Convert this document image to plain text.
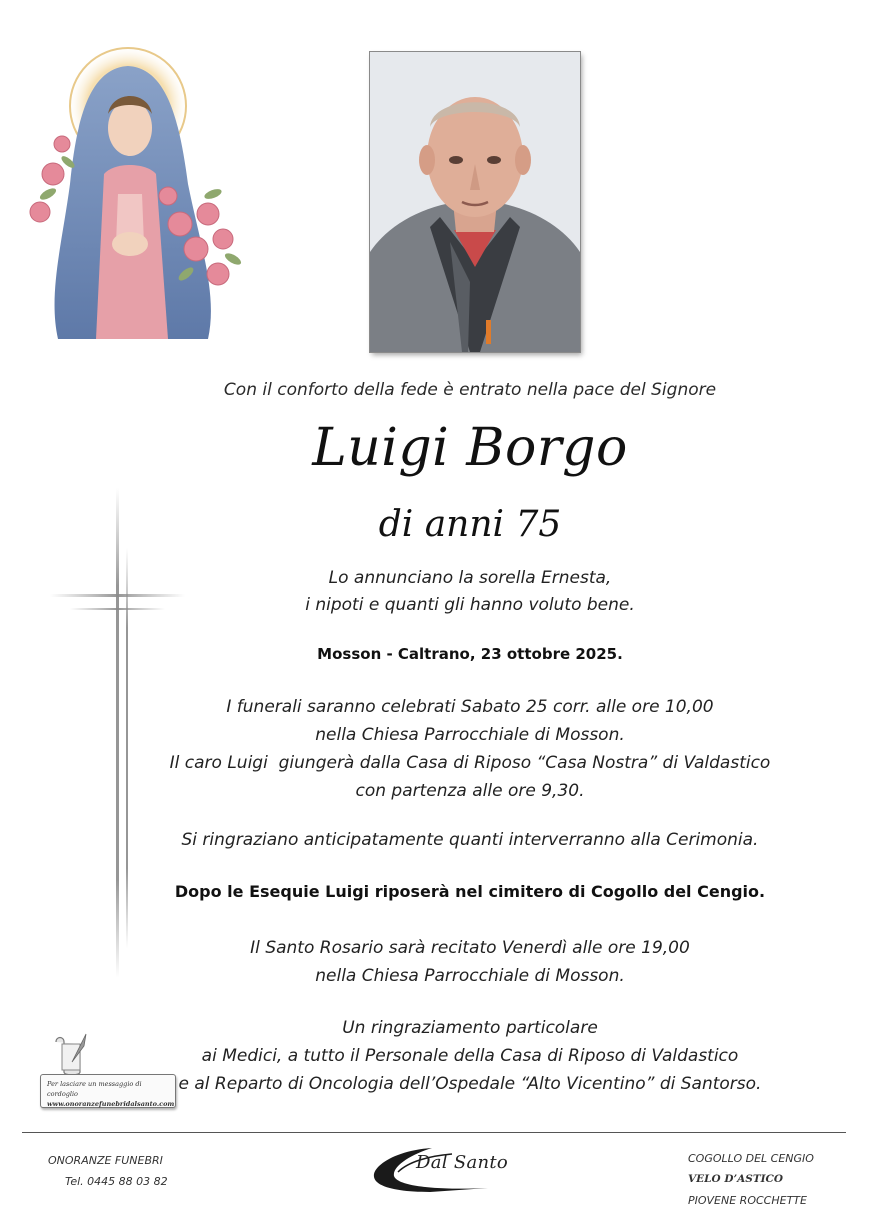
Con il conforto della fede è entrato nella pace del Signore
Luigi Borgo
di anni 75
Lo annunciano la sorella Ernesta,
i nipoti e quanti gli hanno voluto bene.
Mosson - Caltrano, 23 ottobre 2025.
I funerali saranno celebrati Sabato 25 corr. alle ore 10,00
nella Chiesa Parrocchiale di Mosson.
Il caro Luigi  giungerà dalla Casa di Riposo “Casa Nostra” di Valdastico
con partenza alle ore 9,30.
Si ringraziano anticipatamente quanti interverranno alla Cerimonia.
Dopo le Esequie Luigi riposerà nel cimitero di Cogollo del Cengio.
Il Santo Rosario sarà recitato Venerdì alle ore 19,00
nella Chiesa Parrocchiale di Mosson.
Un ringraziamento particolare
ai Medici, a tutto il Personale della Casa di Riposo di Valdastico
e al Reparto di Oncologia dell’Ospedale “Alto Vicentino” di Santorso.
Per lasciare un messaggio di cordoglio
www.onoranzefunebridalsanto.com
ONORANZE FUNEBRI
Tel. 0445 88 03 82
Dal Santo	COGOLLO DEL CENGIO
VELO D’ASTICO
PIOVENE ROCCHETTE
